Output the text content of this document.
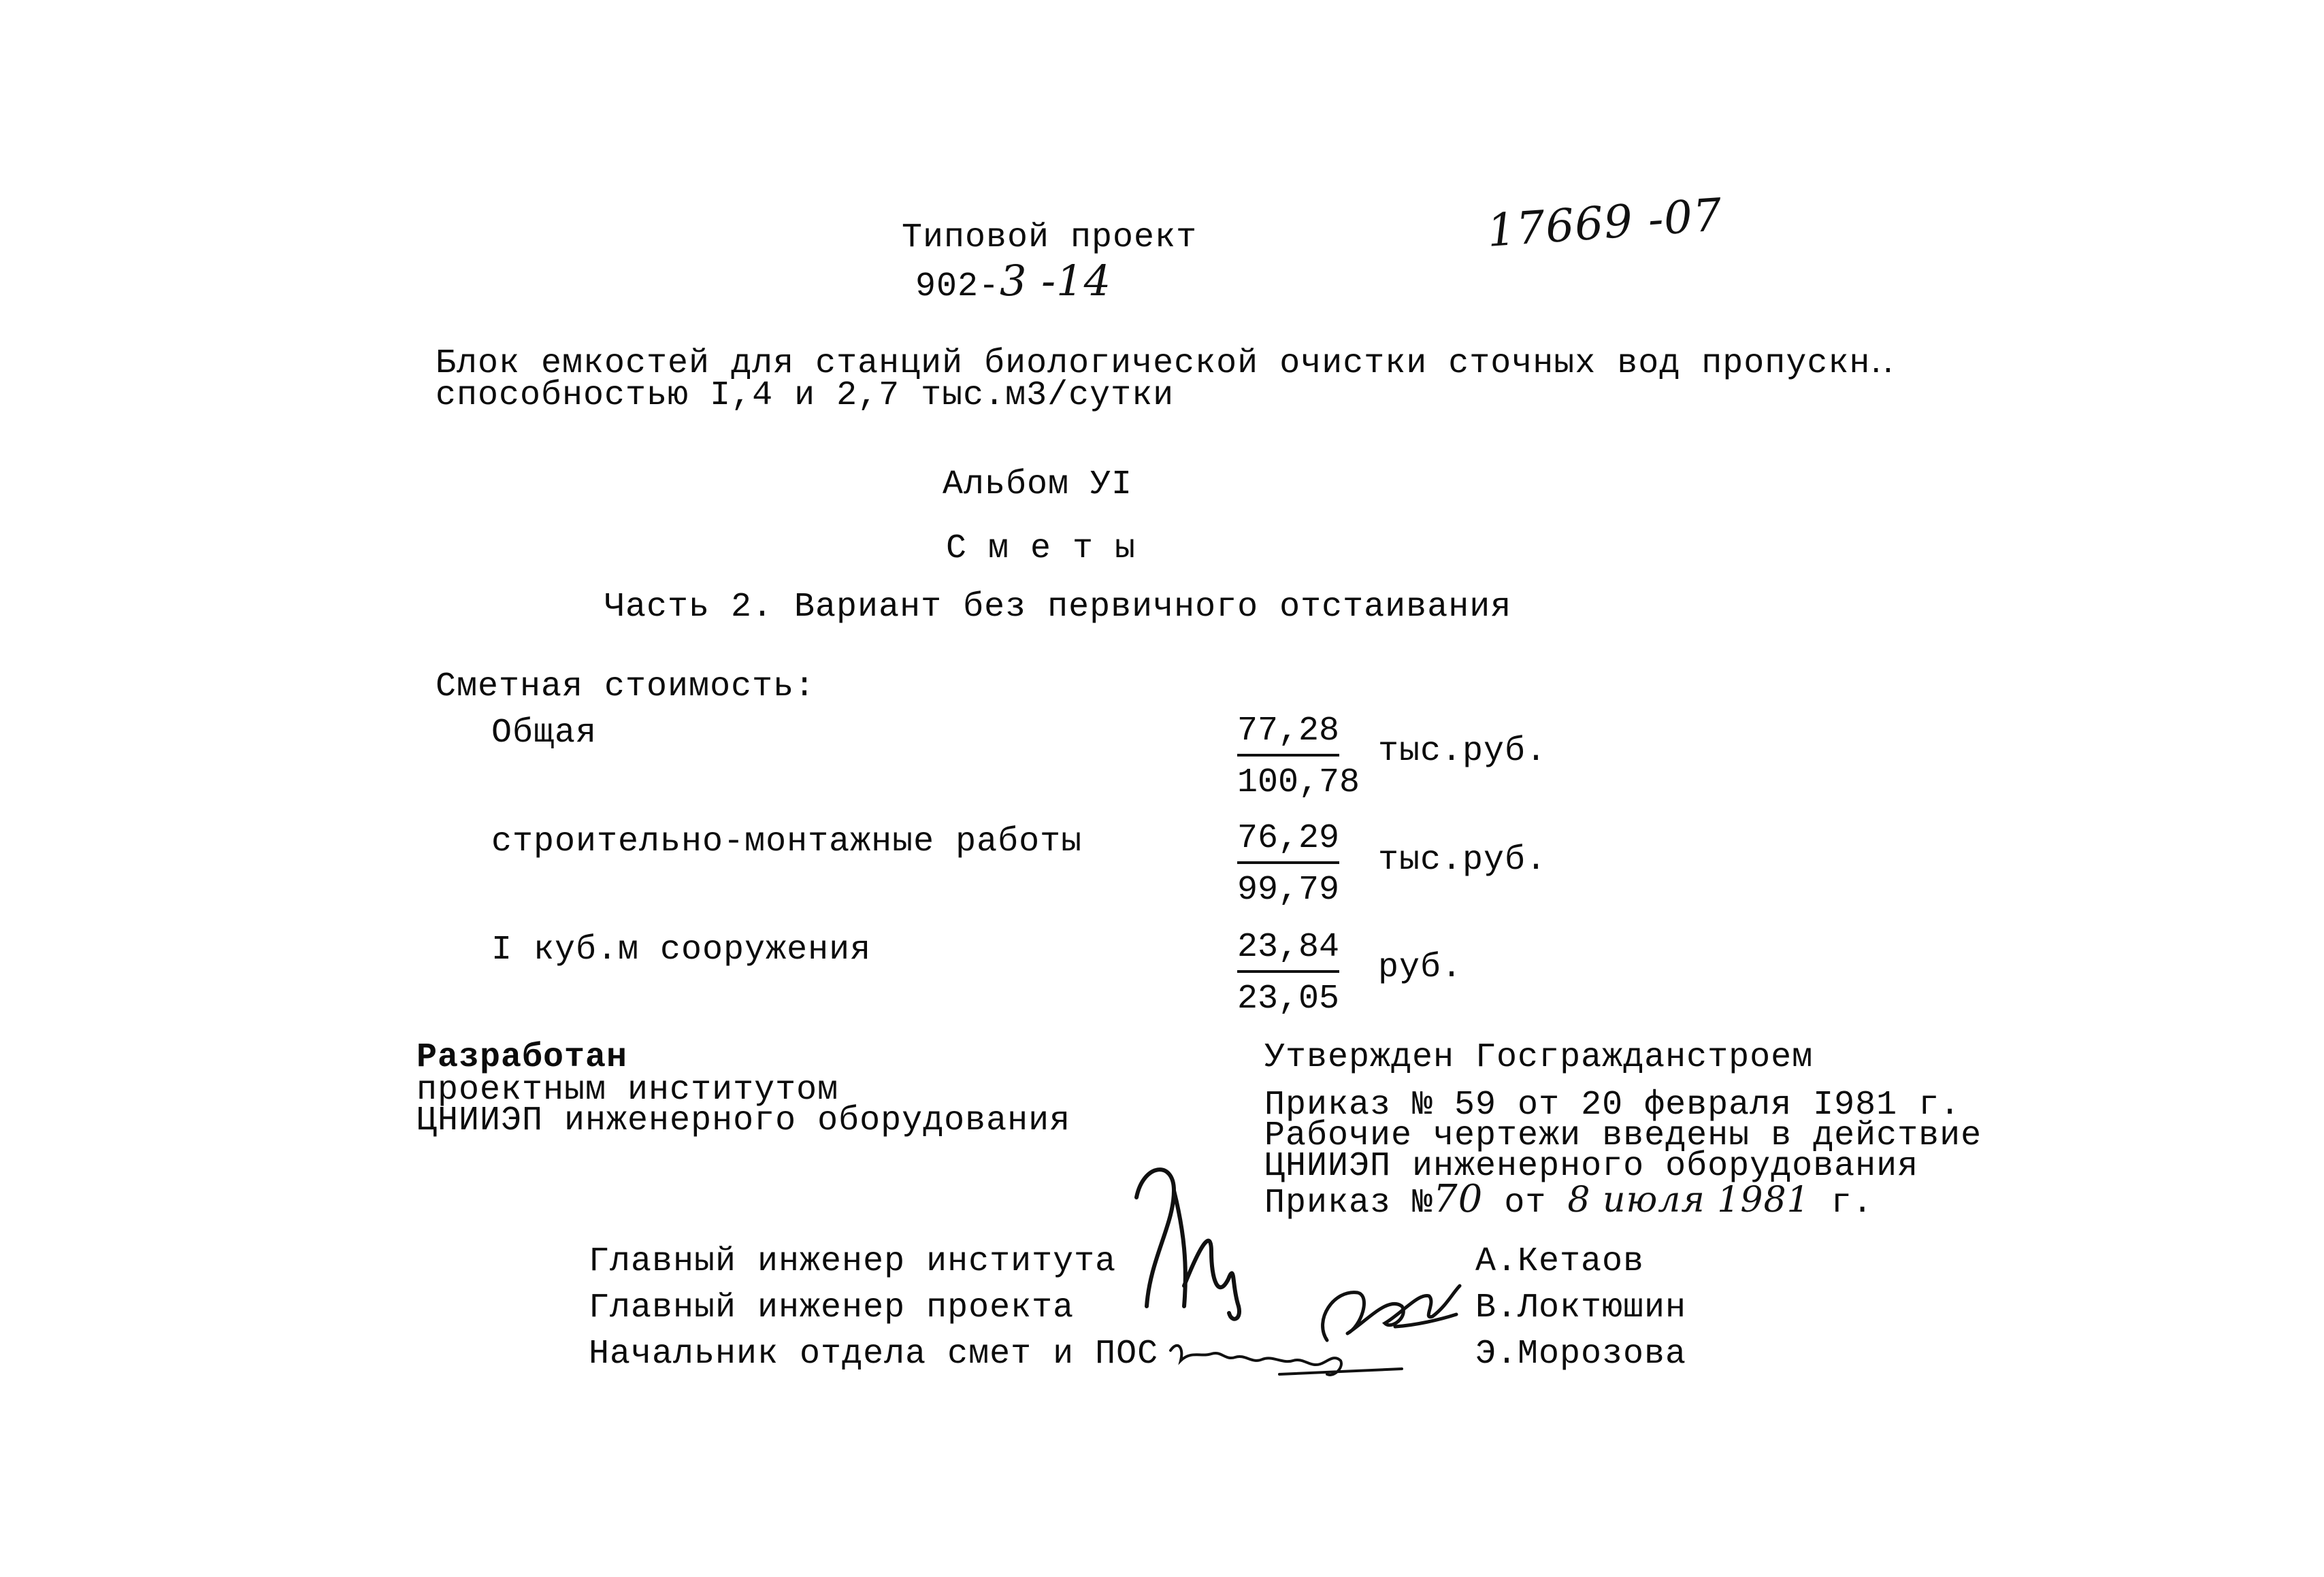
Типовой проект
902-3 -14
17669 -07
Блок емкостей для станций биологической очистки сточных вод пропускн․․
способностью I,4 и 2,7 тыс.м3/сутки
Альбом УI
С м е т ы
Часть 2. Вариант без первичного отстаивания
Сметная стоимость:
Общая	$\frac{77,28}{100,78} тыс.руб$.
строительно-монтажные работы	$\frac{76,29}{99,79} тыс.руб$.
I куб.м сооружения	$\frac{23,84}{23,05}$ руб.
Разработан
проектным институтом
ЦНИИЭП инженерного оборудования
Утвержден Госгражданстроем
Приказ № 59 от 20 февраля I981 г.
Рабочие чертежи введены в действие
ЦНИИЭП инженерного оборудования
Приказ №70 от 8 июля 1981 г.
Главный инженер института	А.Кетаов
Главный инженер проекта	В.Локтюшин
Начальник отдела смет и ПОС	Э.Морозова
